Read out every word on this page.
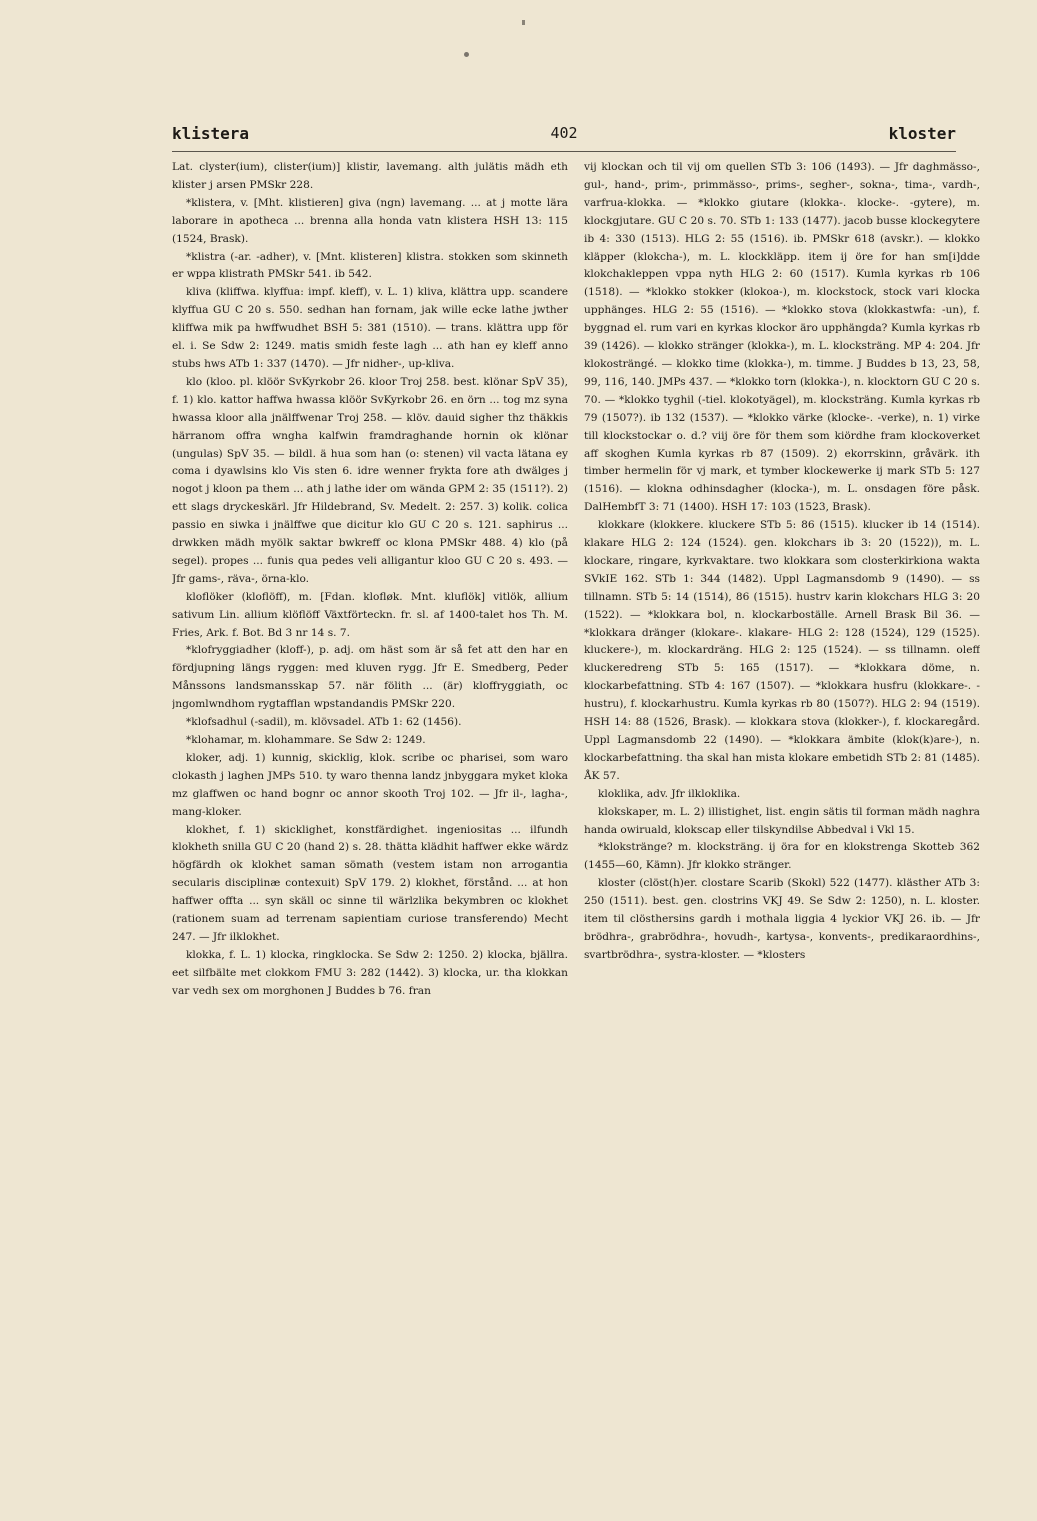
klistera	402	kloster

Lat. clyster(ium), clister(ium)] klistir, lavemang. alth julätis mädh eth klister j arsen PMSkr 228.

*klistera, v. [Mht. klistieren] giva (ngn) lavemang. ... at j motte lära laborare in apotheca ... brenna alla honda vatn klistera HSH 13: 115 (1524, Brask).

*klistra (-ar. -adher), v. [Mnt. klisteren] klistra. stokken som skinneth er wppa klistrath PMSkr 541. ib 542.

kliva (kliffwa. klyffua: impf. kleff), v. L. 1) kliva, klättra upp. scandere klyffua GU C 20 s. 550. sedhan han fornam, jak wille ecke lathe jwther kliffwa mik pa hwffwudhet BSH 5: 381 (1510). — trans. klättra upp för el. i. Se Sdw 2: 1249. matis smidh feste lagh ... ath han ey kleff anno stubs hws ATb 1: 337 (1470). — Jfr nidher-, up-kliva.

klo (kloo. pl. klöör SvKyrkobr 26. kloor Troj 258. best. klönar SpV 35), f. 1) klo. kattor haffwa hwassa klöör SvKyrkobr 26. en örn ... tog mz syna hwassa kloor alla jnälffwenar Troj 258. — klöv. dauid sigher thz thäkkis härranom offra wngha kalfwin framdraghande hornin ok klönar (ungulas) SpV 35. — bildl. ä hua som han (o: stenen) vil vacta lätana ey coma i dyawlsins klo Vis sten 6. idre wenner frykta fore ath dwälges j nogot j kloon pa them ... ath j lathe ider om wända GPM 2: 35 (1511?). 2) ett slags dryckeskärl. Jfr Hildebrand, Sv. Medelt. 2: 257. 3) kolik. colica passio en siwka i jnälffwe que dicitur klo GU C 20 s. 121. saphirus ... drwkken mädh myölk saktar bwkreff oc klona PMSkr 488. 4) klo (på segel). propes ... funis qua pedes veli alligantur kloo GU C 20 s. 493. — Jfr gams-, räva-, örna-klo.

kloflöker (kloflöff), m. [Fdan. klofløk. Mnt. kluflök] vitlök, allium sativum Lin. allium klöflöff Växtförteckn. fr. sl. af 1400-talet hos Th. M. Fries, Ark. f. Bot. Bd 3 nr 14 s. 7.

*klofryggiadher (kloff-), p. adj. om häst som är så fet att den har en fördjupning längs ryggen: med kluven rygg. Jfr E. Smedberg, Peder Månssons landsmansskap 57. när fölith ... (är) kloffryggiath, oc jngomlwndhom rygtafflan wpstandandis PMSkr 220.

*klofsadhul (-sadil), m. klövsadel. ATb 1: 62 (1456).

*klohamar, m. klohammare. Se Sdw 2: 1249.

kloker, adj. 1) kunnig, skicklig, klok. scribe oc pharisei, som waro clokasth j laghen JMPs 510. ty waro thenna landz jnbyggara myket kloka mz glaffwen oc hand bognr oc annor skooth Troj 102. — Jfr il-, lagha-, mang-kloker.

klokhet, f. 1) skicklighet, konstfärdighet. ingeniositas ... ilfundh klokheth snilla GU C 20 (hand 2) s. 28. thätta klädhit haffwer ekke wärdz högfärdh ok klokhet saman sömath (vestem istam non arrogantia secularis disciplinæ contexuit) SpV 179. 2) klokhet, förstånd. ... at hon haffwer offta ... syn skäll oc sinne til wärlzlika bekymbren oc klokhet (rationem suam ad terrenam sapientiam curiose transferendo) Mecht 247. — Jfr ilklokhet.

klokka, f. L. 1) klocka, ringklocka. Se Sdw 2: 1250. 2) klocka, bjällra. eet silfbälte met clokkom FMU 3: 282 (1442). 3) klocka, ur. tha klokkan var vedh sex om morghonen J Buddes b 76. fran

vij klockan och til vij om quellen STb 3: 106 (1493). — Jfr daghmässo-, gul-, hand-, prim-, primmässo-, prims-, segher-, sokna-, tima-, vardh-, varfrua-klokka. — *klokko giutare (klokka-. klocke-. -gytere), m. klockgjutare. GU C 20 s. 70. STb 1: 133 (1477). jacob busse klockegytere ib 4: 330 (1513). HLG 2: 55 (1516). ib. PMSkr 618 (avskr.). — klokko kläpper (klokcha-), m. L. klockkläpp. item ij öre for han sm[i]dde klokchakleppen vppa nyth HLG 2: 60 (1517). Kumla kyrkas rb 106 (1518). — *klokko stokker (klokoa-), m. klockstock, stock vari klocka upphänges. HLG 2: 55 (1516). — *klokko stova (klokkastwfa: -un), f. byggnad el. rum vari en kyrkas klockor äro upphängda? Kumla kyrkas rb 39 (1426). — klokko stränger (klokka-), m. L. klocksträng. MP 4: 204. Jfr klokosträngé. — klokko time (klokka-), m. timme. J Buddes b 13, 23, 58, 99, 116, 140. JMPs 437. — *klokko torn (klokka-), n. klocktorn GU C 20 s. 70. — *klokko tyghil (-tiel. klokotyägel), m. klocksträng. Kumla kyrkas rb 79 (1507?). ib 132 (1537). — *klokko värke (klocke-. -verke), n. 1) virke till klockstockar o. d.? viij öre för them som kiördhe fram klockoverket aff skoghen Kumla kyrkas rb 87 (1509). 2) ekorrskinn, gråvärk. ith timber hermelin för vj mark, et tymber klockewerke ij mark STb 5: 127 (1516). — klokna odhinsdagher (klocka-), m. L. onsdagen före påsk. DalHembfT 3: 71 (1400). HSH 17: 103 (1523, Brask).

klokkare (klokkere. kluckere STb 5: 86 (1515). klucker ib 14 (1514). klakare HLG 2: 124 (1524). gen. klokchars ib 3: 20 (1522)), m. L. klockare, ringare, kyrkvaktare. two klokkara som closterkirkiona wakta SVkIE 162. STb 1: 344 (1482). Uppl Lagmansdomb 9 (1490). — ss tillnamn. STb 5: 14 (1514), 86 (1515). hustrv karin klokchars HLG 3: 20 (1522). — *klokkara bol, n. klockarboställe. Arnell Brask Bil 36. — *klokkara dränger (klokare-. klakare- HLG 2: 128 (1524), 129 (1525). kluckere-), m. klockardräng. HLG 2: 125 (1524). — ss tillnamn. oleff kluckeredreng STb 5: 165 (1517). — *klokkara döme, n. klockarbefattning. STb 4: 167 (1507). — *klokkara husfru (klokkare-. -hustru), f. klockarhustru. Kumla kyrkas rb 80 (1507?). HLG 2: 94 (1519). HSH 14: 88 (1526, Brask). — klokkara stova (klokker-), f. klockaregård. Uppl Lagmansdomb 22 (1490). — *klokkara ämbite (klok(k)are-), n. klockarbefattning. tha skal han mista klokare embetidh STb 2: 81 (1485). ÅK 57.

kloklika, adv. Jfr ilkloklika.

klokskaper, m. L. 2) illistighet, list. engin sätis til forman mädh naghra handa owiruald, klokscap eller tilskyndilse Abbedval i Vkl 15.

*klokstränge? m. klocksträng. ij öra for en klokstrenga Skotteb 362 (1455—60, Kämn). Jfr klokko stränger.

kloster (clöst(h)er. clostare Scarib (Skokl) 522 (1477). klästher ATb 3: 250 (1511). best. gen. clostrins VKJ 49. Se Sdw 2: 1250), n. L. kloster. item til clösthersins gardh i mothala liggia 4 lyckior VKJ 26. ib. — Jfr brödhra-, grabrödhra-, hovudh-, kartysa-, konvents-, predikaraordhins-, svartbrödhra-, systra-kloster. — *klosters
